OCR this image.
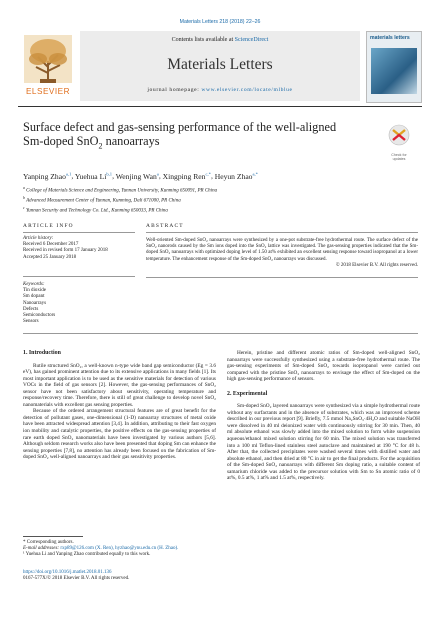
Materials Letters 218 (2018) 22–26
ELSEVIER
Contents lists available at ScienceDirect
Materials Letters
journal homepage: www.elsevier.com/locate/mlblue
materials letters
Surface defect and gas-sensing performance of the well-aligned
Sm-doped SnO$_2$ nanoarrays
Check for
updates
Yanping Zhao$^{a,1}$, Yuehua Li$^{b,1}$, Wenjing Wan$^a$, Xingping Ren$^{c,*}$, Heyun Zhao$^{a,*}$
$^a$ College of Materials Science and Engineering, Yunnan University, Kunming 650091, PR China
$^b$ Advanced Measurement Center of Yunnan, Kunming, Dali 671000, PR China
$^c$ Yunnan Security and Technology Co. Ltd., Kunming 650033, PR China
ARTICLE INFO	ABSTRACT
Article history:
Received 6 December 2017
Received in revised form 17 January 2018
Accepted 25 January 2018
Keywords:
Tin dioxide
Sm dopant
Nanoarrays
Defects
Semiconductors
Sensors
Well-oriented Sm-doped SnO₂ nanoarrays were synthesized by a one-pot substrate-free hydrothermal route. The surface defect of the SnO₂ nanorods caused by the Sm ions doped into the SnO₂ lattice was investigated. The gas-sensing properties indicated that the Sm-doped SnO₂ nanoarrays with optimized doping level of 1.50 at% exhibited an excellent sensing response toward isopropanol at a lower temperature. The enhancement response of the Sm-doped SnO₂ nanoarrays was discussed.
© 2018 Elsevier B.V. All rights reserved.
1. Introduction

Rutile structured SnO₂, a well-known n-type wide band gap semiconductor (Eg = 3.6 eV), has gained prominent attention due to its extensive applications in many fields [1]. Its most important application is to be used as the sensitive materials for detection of various VOCs in the field of gas sensors [2]. However, the gas-sensing performances of SnO₂ sensor have not been satisfactory about sensitivity, operating temperature and response/recovery time. Therefore, there is still of great challenge to develop novel SnO₂ nanomaterials with excellent gas sensing properties.

Because of the ordered arrangement structural features are of great benefit for the detection of pollutant gases, one-dimensional (1-D) nanoarray structures of metal oxide have been attracted widespread attention [3,4]. In addition, attributing to their fast oxygen ion mobility and catalytic properties, the positive effects on the gas-sensing properties of rare earth doped SnO₂ nanomaterials have been investigated by various authors [5,6]. Although seldom research works also have been presented that doping Sm can enhance the sensing properties [7,8], no attention has already been focused on the fabrication of Sm-doped SnO₂ well-aligned nanoarrays and their gas sensitivity properties.

Herein, pristine and different atomic ratios of Sm-doped well-aligned SnO₂ nanoarrays were successfully synthesized using a substrate-free hydrothermal route. The gas-sensing experiments of Sm-doped SnO₂ towards isopropanol were carried out compared with the pristine SnO₂ nanoarrays to envisage the effect of Sm-doped on the high gas-sensing performance of sensors.

2. Experimental

Sm-doped SnO₂ layered nanoarrays were synthesized via a simple hydrothermal route without any surfactants and in the absence of substrates, which was an improved scheme described in our previous report [9]. Briefly, 7.5 mmol Na₂SnO₃·4H₂O and suitable NaOH were dissolved in 40 ml deionized water with continuously stirring for 30 min. Then, 40 ml absolute ethanol was slowly added into the mixed solution to form white suspension aqueous/ethanol mixed solution stirring for 60 min. The mixed solution was transferred into a 100 ml Teflon-lined stainless steel autoclave and maintained at 190 °C for 48 h. After that, the collected precipitates were washed several times with distilled water and absolute ethanol, and then dried at 80 °C in air to get the final products. For the acquisition of the Sm-doped SnO₂ nanoarrays with different Sm doping ratio, a suitable content of samarium chloride was added to the precursor solution with Sm to Sn atomic ratio of 0 at%, 0.5 at%, 1 at% and 1.5 at%, respectively.

* Corresponding authors.
E-mail addresses: rxp89@126.com (X. Ren), hyzhao@ynu.edu.cn (H. Zhao).
¹ Yuehua Li and Yanping Zhao contributed equally to this work.
https://doi.org/10.1016/j.matlet.2018.01.136
0167-577X/© 2018 Elsevier B.V. All rights reserved.
